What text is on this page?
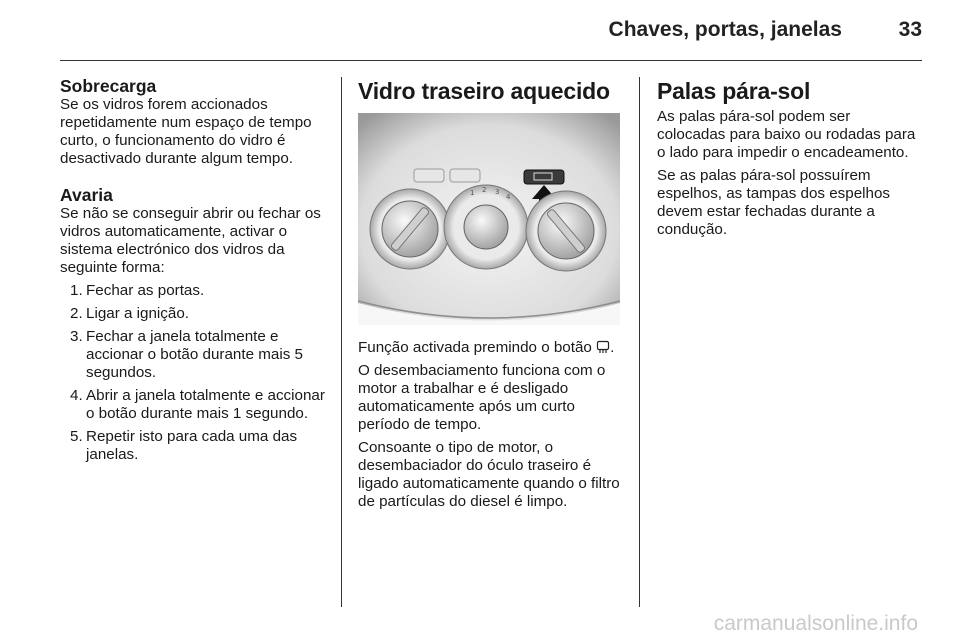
Chaves, portas, janelas	33
Sobrecarga

Se os vidros forem accionados repetidamente num espaço de tempo curto, o funcionamento do vidro é desactivado durante algum tempo.

Avaria

Se não se conseguir abrir ou fechar os vidros automaticamente, activar o sistema electrónico dos vidros da seguinte forma:

1. Fechar as portas.
2. Ligar a ignição.
3. Fechar a janela totalmente e accionar o botão durante mais 5 segundos.
4. Abrir a janela totalmente e accionar o botão durante mais 1 segundo.
5. Repetir isto para cada uma das janelas.
Vidro traseiro aquecido
1 2 3
4

Função activada premindo o botão .

O desembaciamento funciona com o motor a trabalhar e é desligado automaticamente após um curto período de tempo.

Consoante o tipo de motor, o desembaciador do óculo traseiro é ligado automaticamente quando o filtro de partículas do diesel é limpo.

Palas pára-sol

As palas pára-sol podem ser colocadas para baixo ou rodadas para o lado para impedir o encadeamento.

Se as palas pára-sol possuírem espelhos, as tampas dos espelhos devem estar fechadas durante a condução.

carmanualsonline.info
